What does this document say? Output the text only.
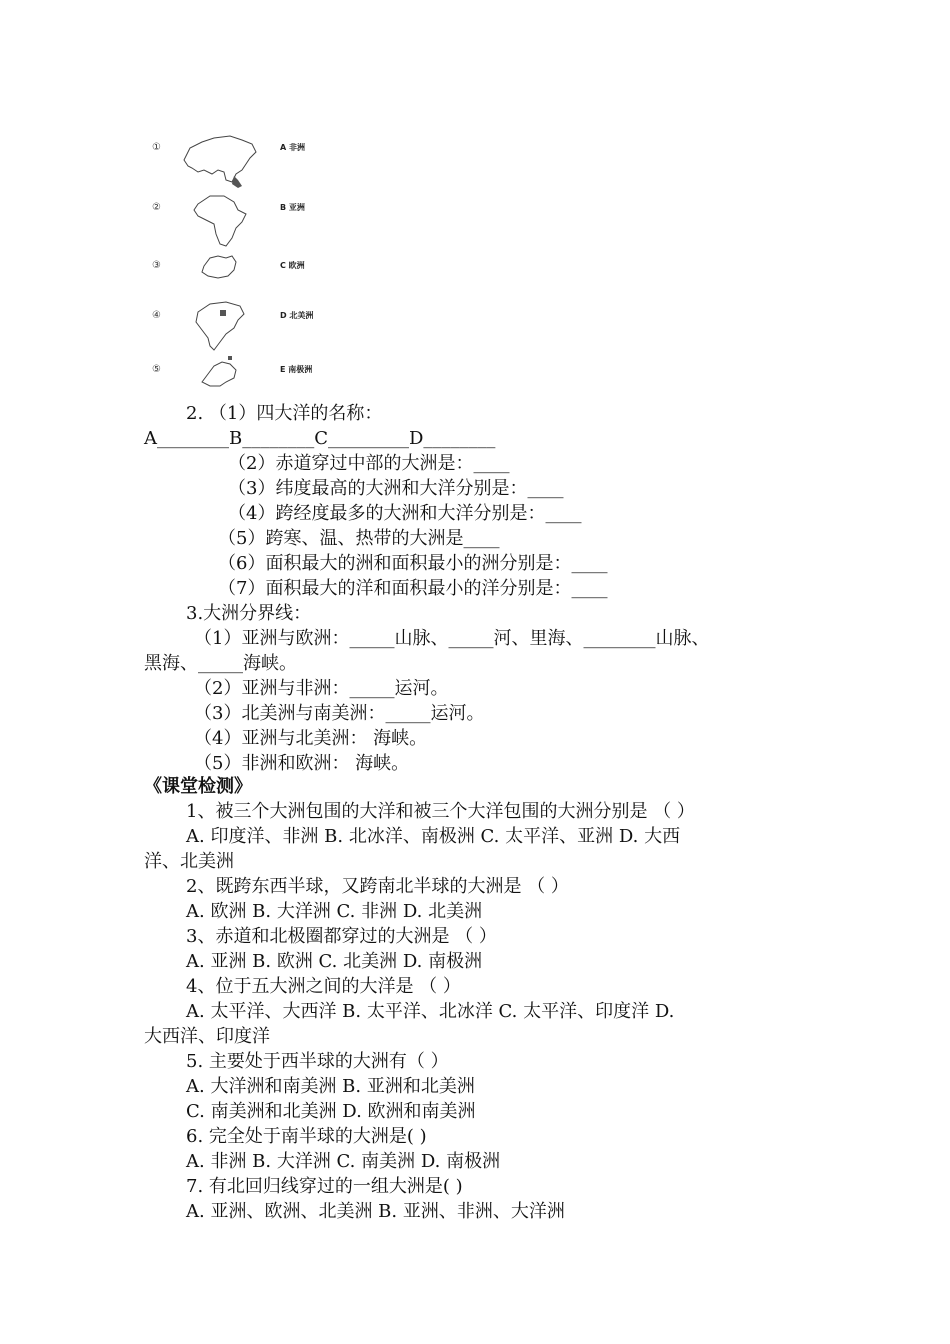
①	A 非洲
②	B 亚洲
③	C 欧洲
④	D 北美洲
⑤	E 南极洲
2. （1）四大洋的名称：
A________B________C_________D________
（2）赤道穿过中部的大洲是：____
（3）纬度最高的大洲和大洋分别是：____
（4）跨经度最多的大洲和大洋分别是：____
（5）跨寒、温、热带的大洲是____
（6）面积最大的洲和面积最小的洲分别是：____
（7）面积最大的洋和面积最小的洋分别是：____
3.大洲分界线：
（1）亚洲与欧洲：_____山脉、_____河、里海、________山脉、
黑海、_____海峡。
（2）亚洲与非洲：_____运河。
（3）北美洲与南美洲：_____运河。
（4）亚洲与北美洲： 海峡。
（5）非洲和欧洲： 海峡。
《课堂检测》
1、被三个大洲包围的大洋和被三个大洋包围的大洲分别是 （ ）
A. 印度洋、非洲 B. 北冰洋、南极洲 C. 太平洋、亚洲 D. 大西
洋、北美洲
2、既跨东西半球，又跨南北半球的大洲是 （ ）
A. 欧洲 B. 大洋洲 C. 非洲 D. 北美洲
3、赤道和北极圈都穿过的大洲是 （ ）
A. 亚洲 B. 欧洲 C. 北美洲 D. 南极洲
4、位于五大洲之间的大洋是 （ ）
A. 太平洋、大西洋 B. 太平洋、北冰洋 C. 太平洋、印度洋 D.
大西洋、印度洋
5. 主要处于西半球的大洲有（ ）
A. 大洋洲和南美洲 B. 亚洲和北美洲
C. 南美洲和北美洲 D. 欧洲和南美洲
6. 完全处于南半球的大洲是( )
A. 非洲 B. 大洋洲 C. 南美洲 D. 南极洲
7. 有北回归线穿过的一组大洲是( )
A. 亚洲、欧洲、北美洲 B. 亚洲、非洲、大洋洲
